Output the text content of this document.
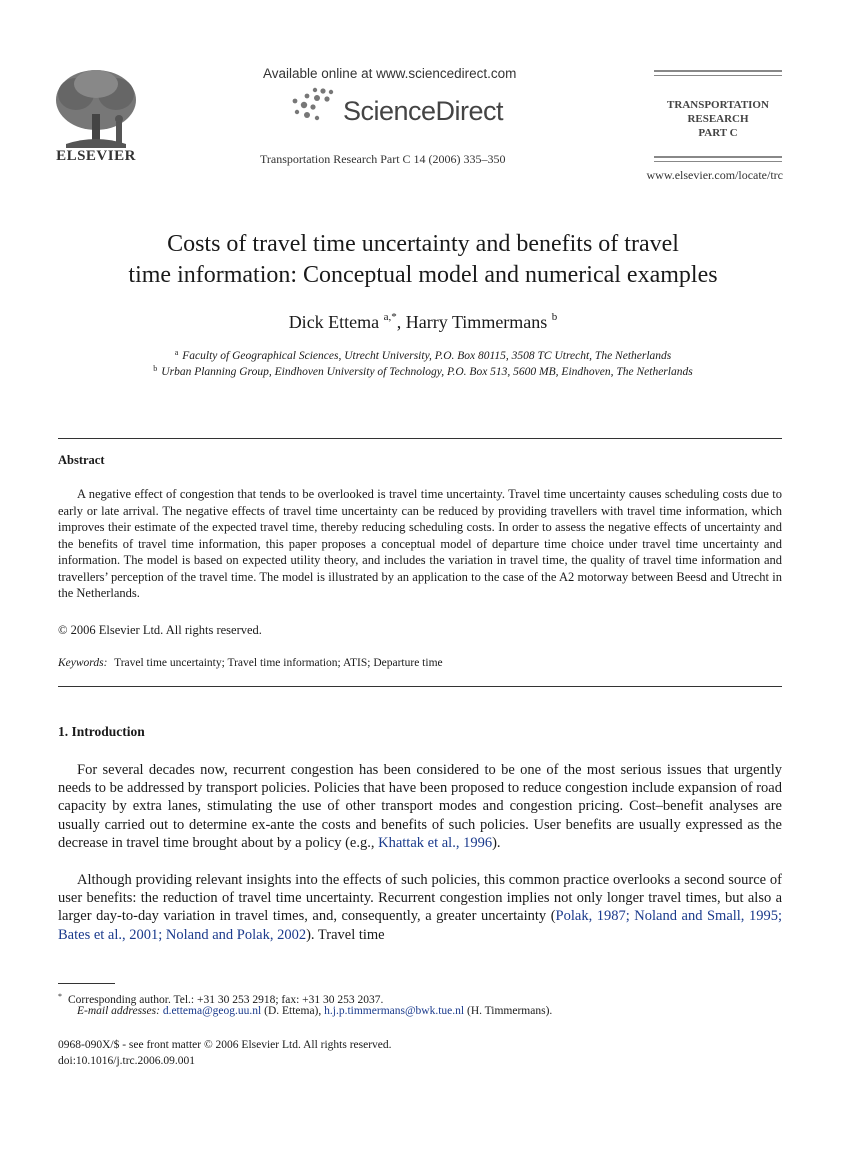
ELSEVIER
Available online at www.sciencedirect.com
ScienceDirect
Transportation Research Part C 14 (2006) 335–350
TRANSPORTATION
RESEARCH
PART C
www.elsevier.com/locate/trc
Costs of travel time uncertainty and benefits of travel
time information: Conceptual model and numerical examples
Dick Ettema $^{a,*}$, Harry Timmermans $^b$
$^a$ Faculty of Geographical Sciences, Utrecht University, P.O. Box 80115, 3508 TC Utrecht, The Netherlands
$^b$ Urban Planning Group, Eindhoven University of Technology, P.O. Box 513, 5600 MB, Eindhoven, The Netherlands
Abstract

A negative effect of congestion that tends to be overlooked is travel time uncertainty. Travel time uncertainty causes scheduling costs due to early or late arrival. The negative effects of travel time uncertainty can be reduced by providing travellers with travel time information, which improves their estimate of the expected travel time, thereby reducing scheduling costs. In order to assess the negative effects of uncertainty and the benefits of travel time information, this paper proposes a conceptual model of departure time choice under travel time uncertainty and information. The model is based on expected utility theory, and includes the variation in travel time, the quality of travel time information and travellers’ perception of the travel time. The model is illustrated by an application to the case of the A2 motorway between Beesd and Utrecht in the Netherlands.

© 2006 Elsevier Ltd. All rights reserved.
Keywords: Travel time uncertainty; Travel time information; ATIS; Departure time
1. Introduction

For several decades now, recurrent congestion has been considered to be one of the most serious issues that urgently needs to be addressed by transport policies. Policies that have been proposed to reduce congestion include expansion of road capacity by extra lanes, stimulating the use of other transport modes and congestion pricing. Cost–benefit analyses are usually carried out to determine ex-ante the costs and benefits of such policies. User benefits are usually expressed as the decrease in travel time brought about by a policy (e.g., Khattak et al., 1996).

Although providing relevant insights into the effects of such policies, this common practice overlooks a second source of user benefits: the reduction of travel time uncertainty. Recurrent congestion implies not only longer travel times, but also a larger day-to-day variation in travel times, and, consequently, a greater uncertainty (Polak, 1987; Noland and Small, 1995; Bates et al., 2001; Noland and Polak, 2002). Travel time

* Corresponding author. Tel.: +31 30 253 2918; fax: +31 30 253 2037.
E-mail addresses: d.ettema@geog.uu.nl (D. Ettema), h.j.p.timmermans@bwk.tue.nl (H. Timmermans).
0968-090X/$ - see front matter © 2006 Elsevier Ltd. All rights reserved.
doi:10.1016/j.trc.2006.09.001
